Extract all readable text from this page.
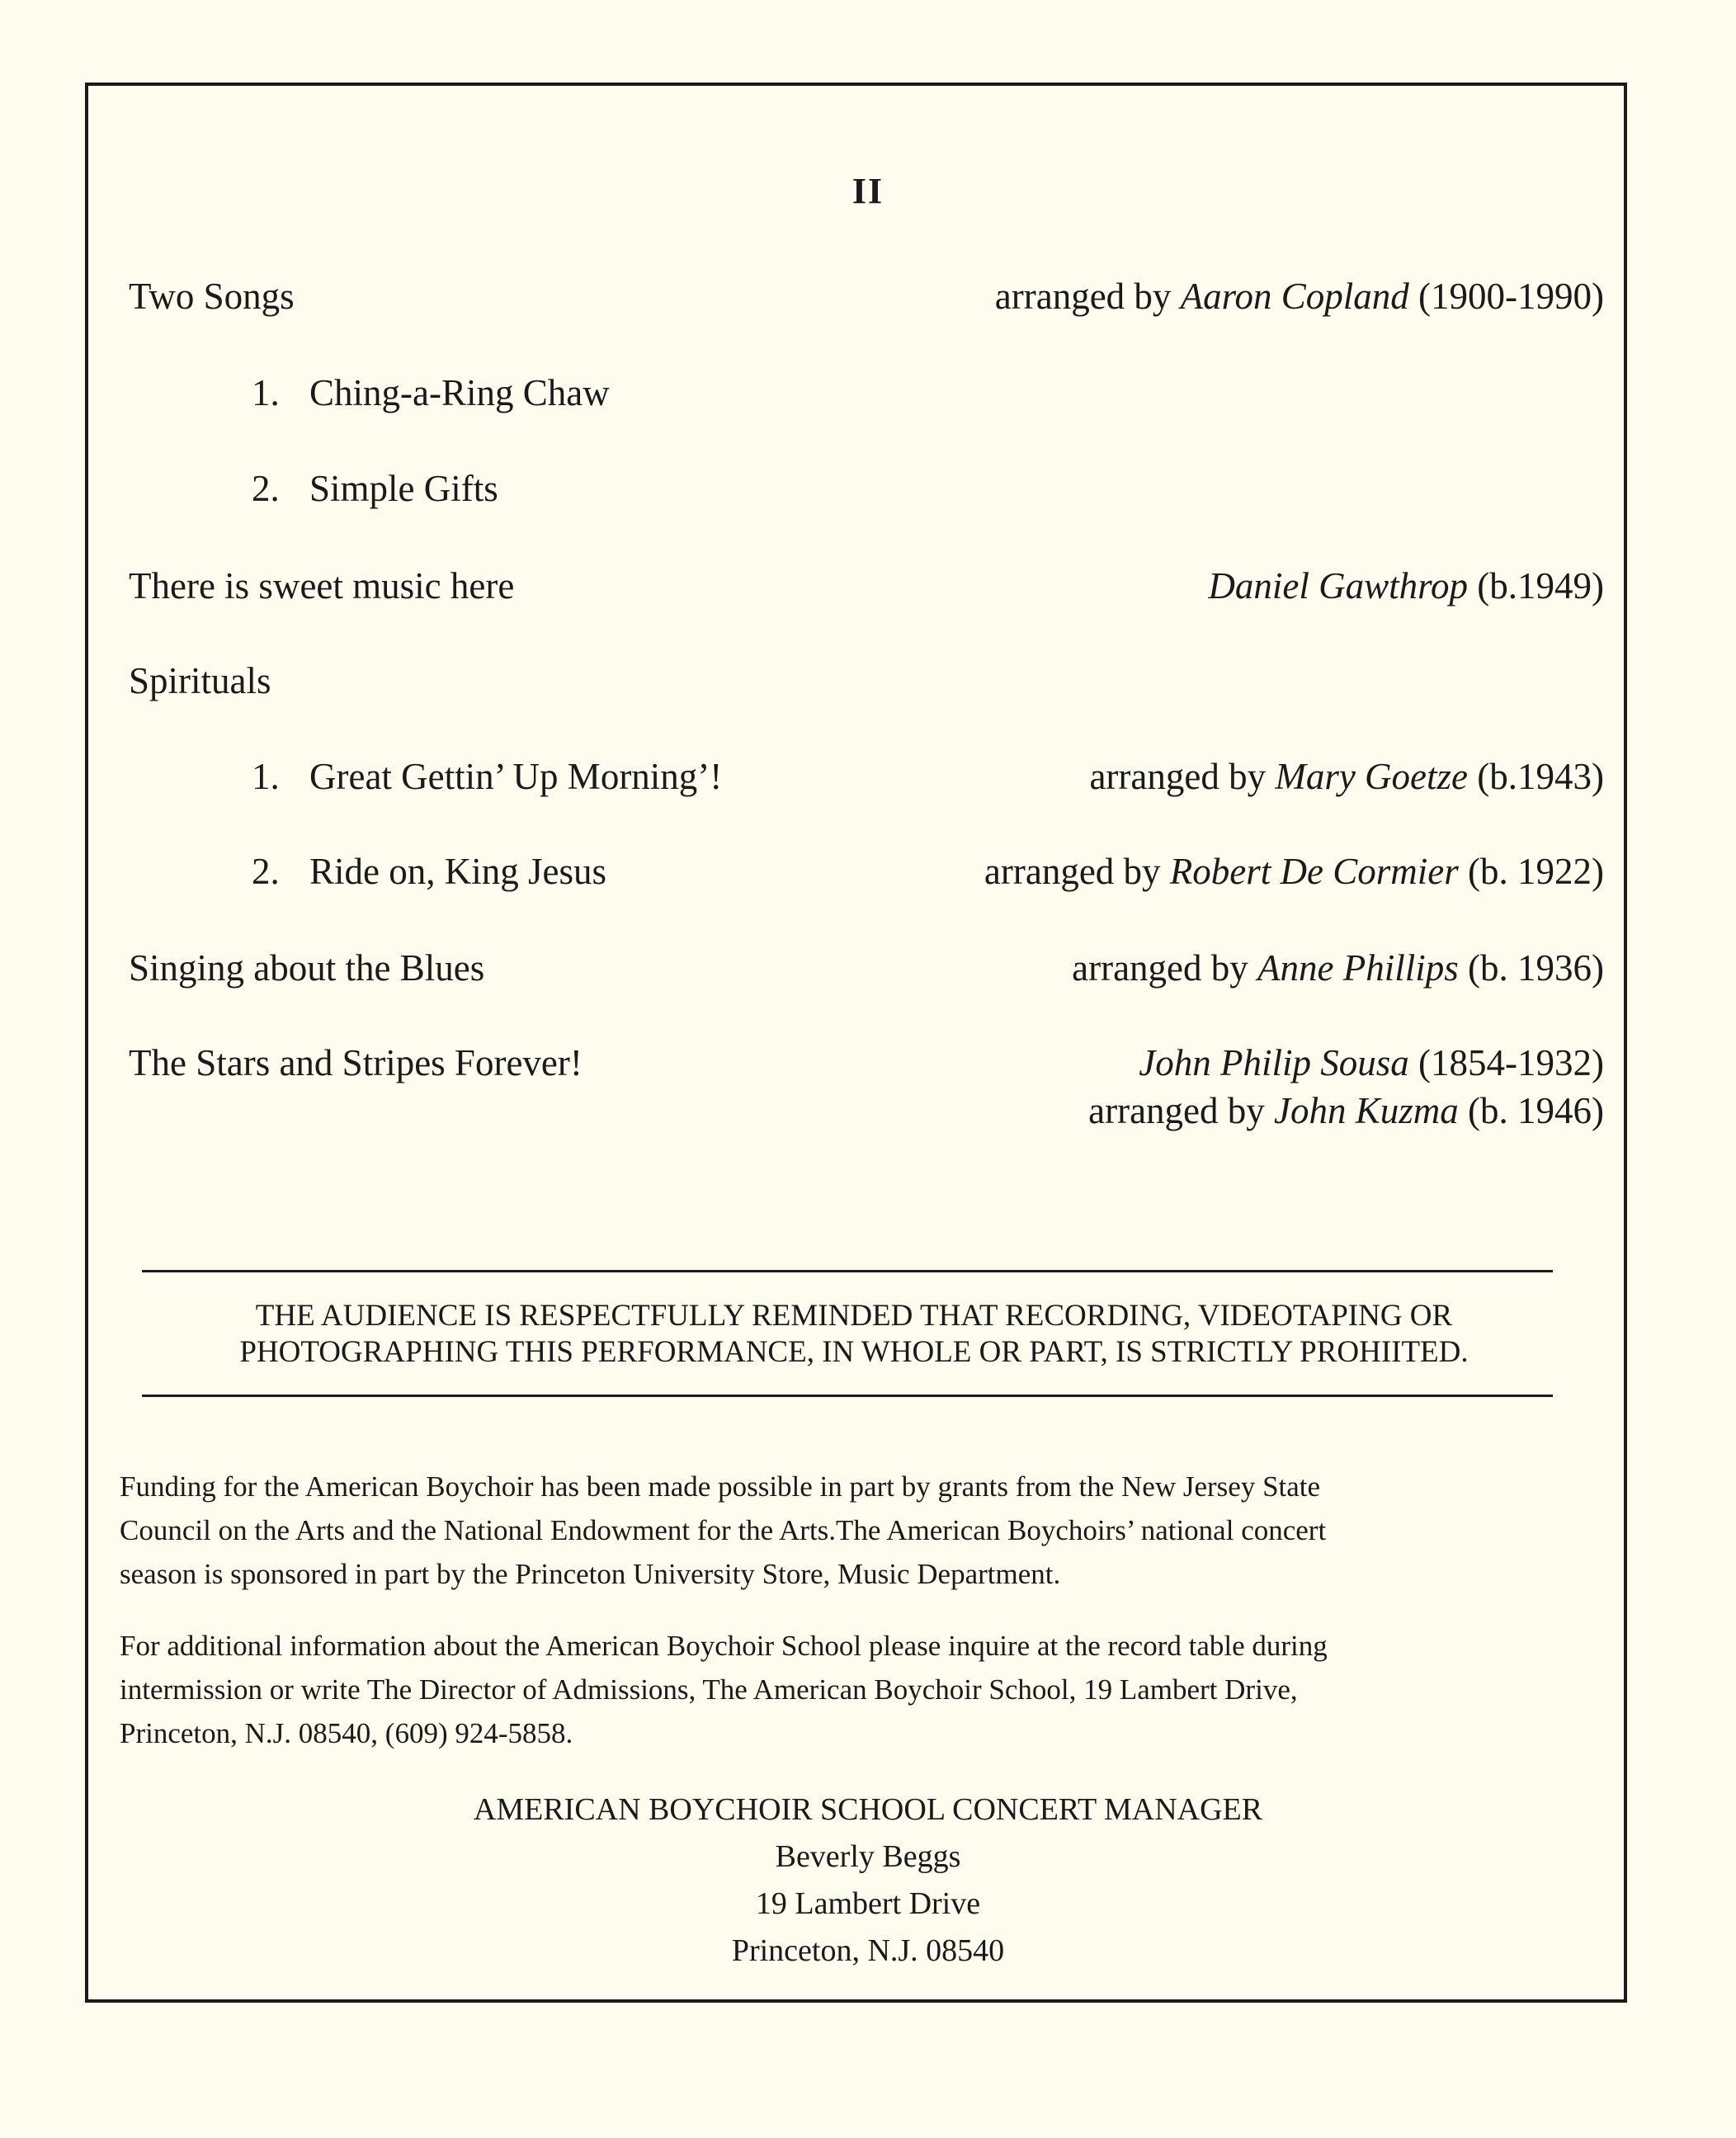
II
Two Songs	arranged by Aaron Copland (1900-1990)
1. Ching-a-Ring Chaw
2. Simple Gifts
There is sweet music here	Daniel Gawthrop (b.1949)
Spirituals
1. Great Gettin’ Up Morning’!	arranged by Mary Goetze (b.1943)
2. Ride on, King Jesus	arranged by Robert De Cormier (b. 1922)
Singing about the Blues	arranged by Anne Phillips (b. 1936)
The Stars and Stripes Forever!	John Philip Sousa (1854-1932)
arranged by John Kuzma (b. 1946)
THE AUDIENCE IS RESPECTFULLY REMINDED THAT RECORDING, VIDEOTAPING OR
PHOTOGRAPHING THIS PERFORMANCE, IN WHOLE OR PART, IS STRICTLY PROHIITED.
Funding for the American Boychoir has been made possible in part by grants from the New Jersey State
Council on the Arts and the National Endowment for the Arts.The American Boychoirs’ national concert
season is sponsored in part by the Princeton University Store, Music Department.
For additional information about the American Boychoir School please inquire at the record table during
intermission or write The Director of Admissions, The American Boychoir School, 19 Lambert Drive,
Princeton, N.J. 08540, (609) 924-5858.
AMERICAN BOYCHOIR SCHOOL CONCERT MANAGER
Beverly Beggs
19 Lambert Drive
Princeton, N.J. 08540
